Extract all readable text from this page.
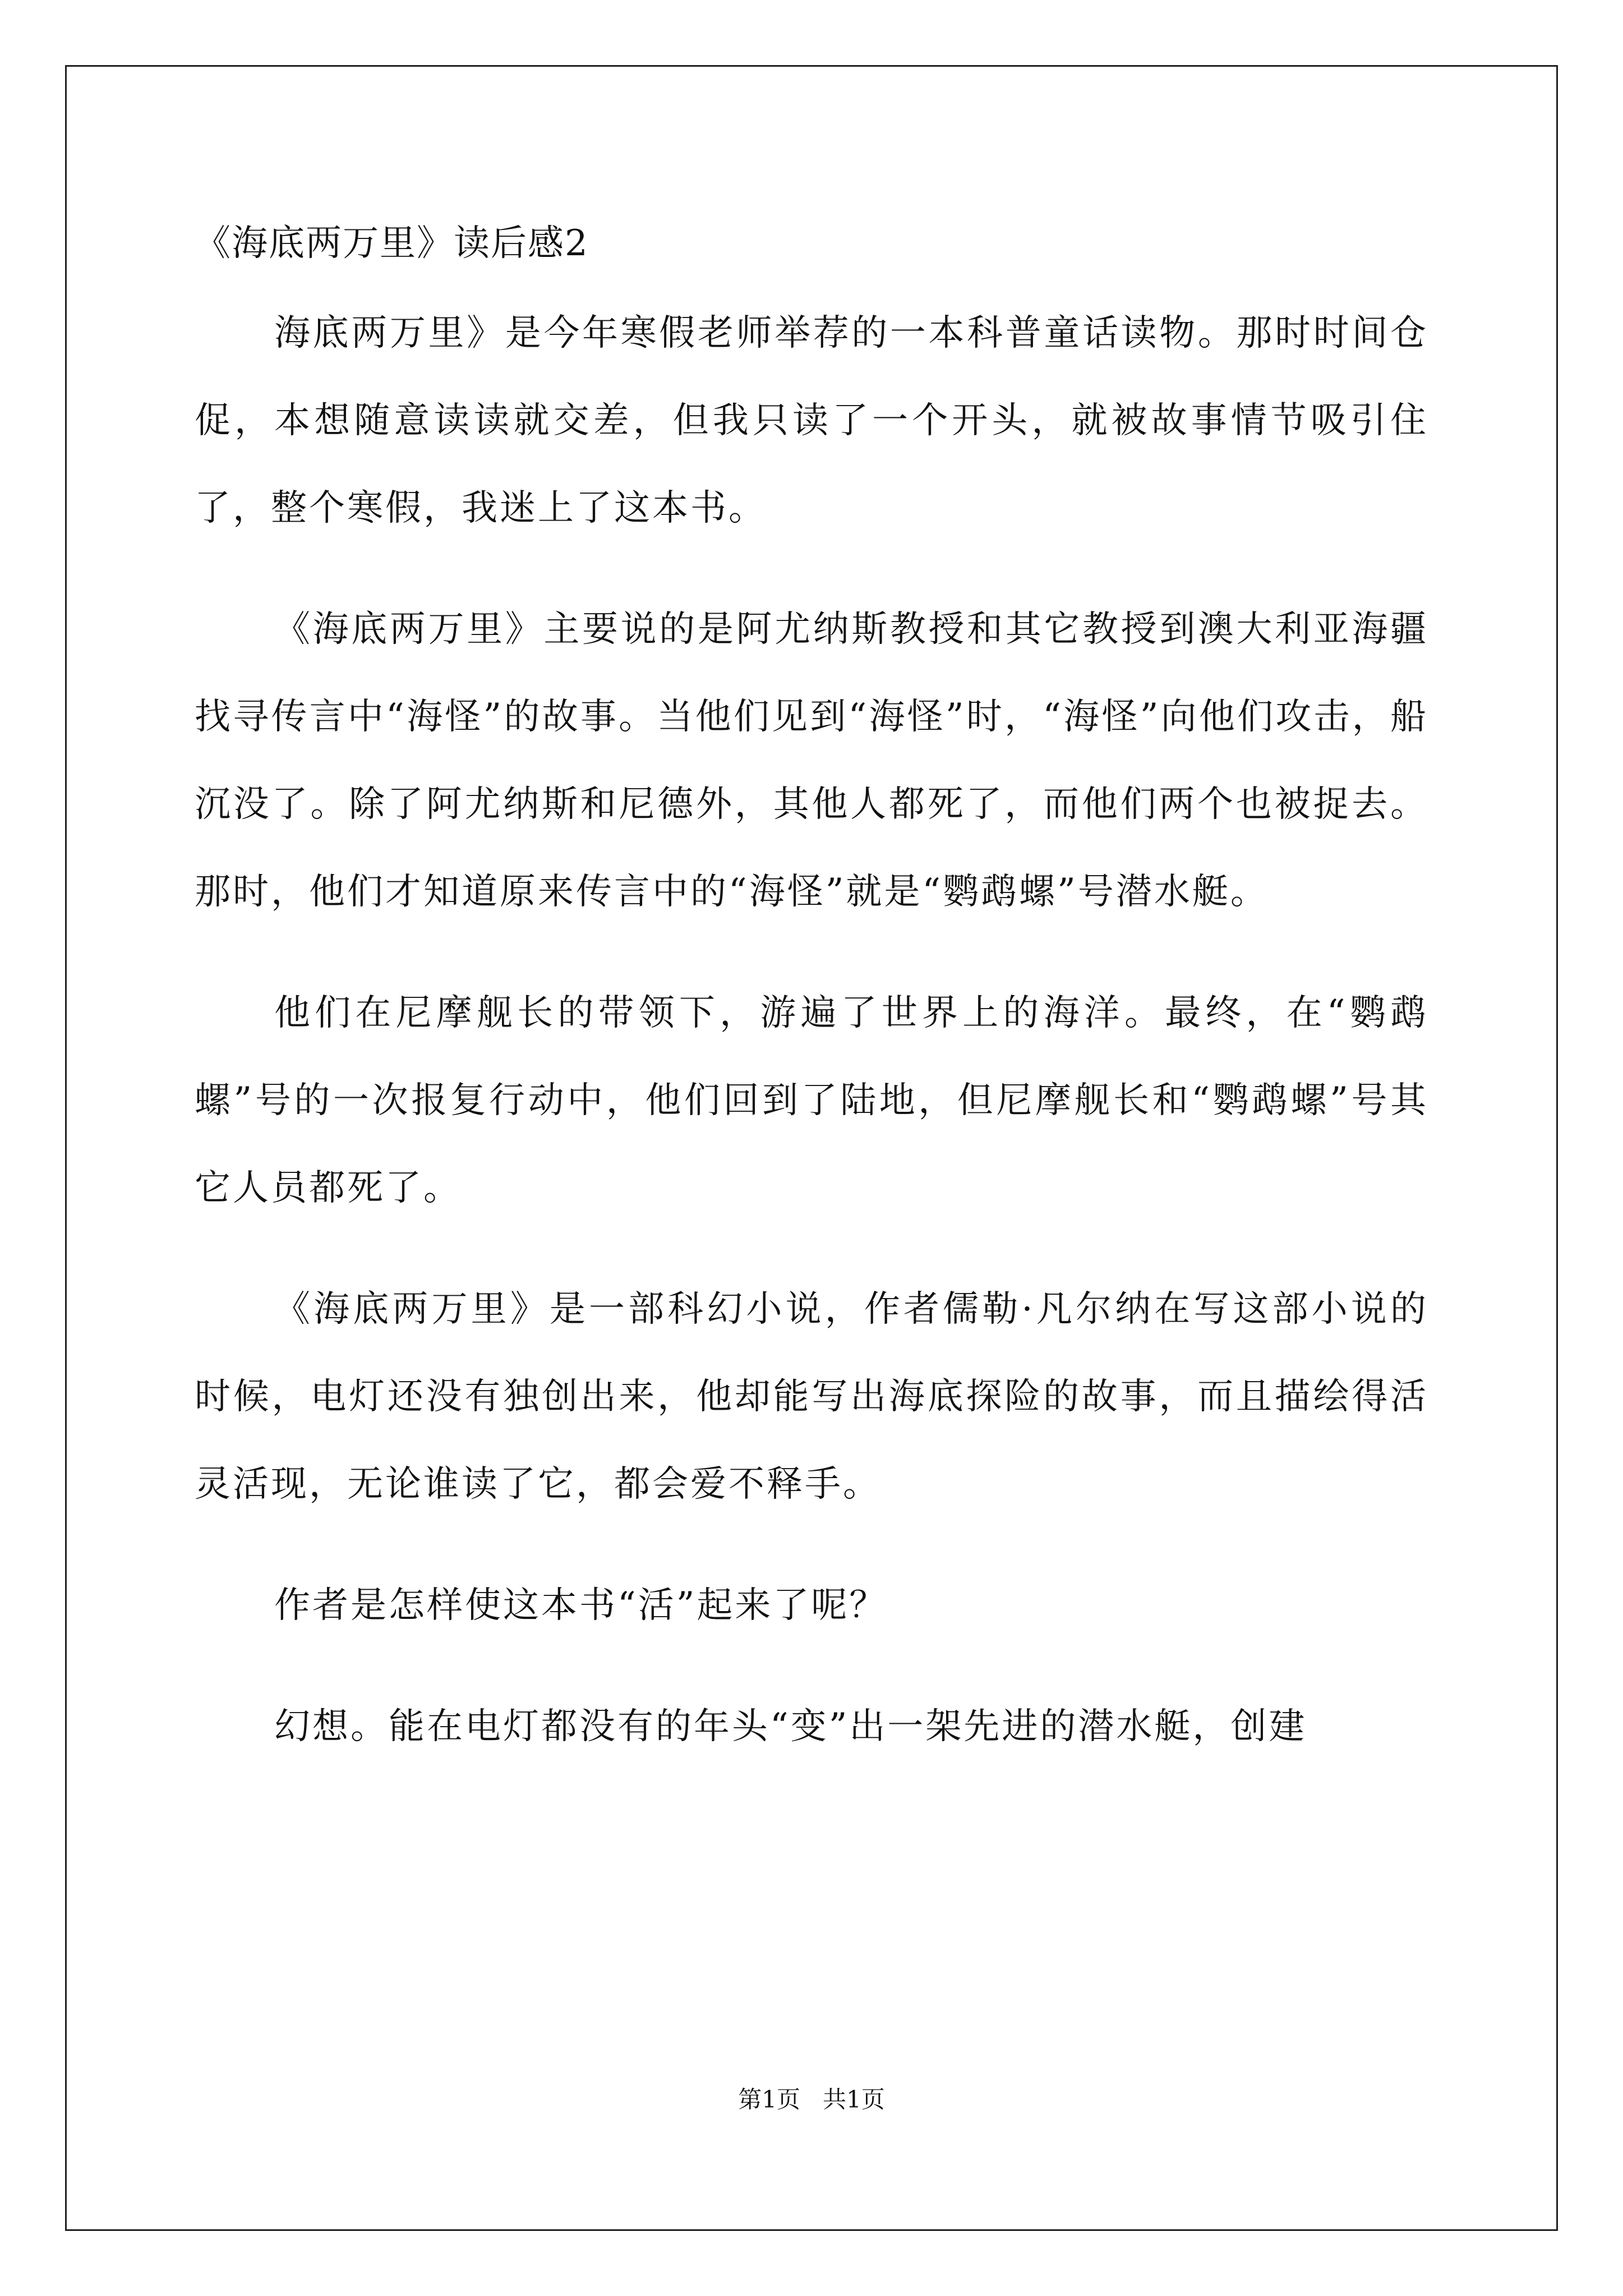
《海底两万里》读后感2

海底两万里》是今年寒假老师举荐的一本科普童话读物。那时时间仓促，本想随意读读就交差，但我只读了一个开头，就被故事情节吸引住了，整个寒假，我迷上了这本书。

《海底两万里》主要说的是阿尤纳斯教授和其它教授到澳大利亚海疆找寻传言中“海怪”的故事。当他们见到“海怪”时，“海怪”向他们攻击，船沉没了。除了阿尤纳斯和尼德外，其他人都死了，而他们两个也被捉去。那时，他们才知道原来传言中的“海怪”就是“鹦鹉螺”号潜水艇。

他们在尼摩舰长的带领下，游遍了世界上的海洋。最终，在“鹦鹉螺”号的一次报复行动中，他们回到了陆地，但尼摩舰长和“鹦鹉螺”号其它人员都死了。

《海底两万里》是一部科幻小说，作者儒勒·凡尔纳在写这部小说的时候，电灯还没有独创出来，他却能写出海底探险的故事，而且描绘得活灵活现，无论谁读了它，都会爱不释手。

作者是怎样使这本书“活”起来了呢？

幻想。能在电灯都没有的年头“变”出一架先进的潜水艇，创建

第1页 共1页
